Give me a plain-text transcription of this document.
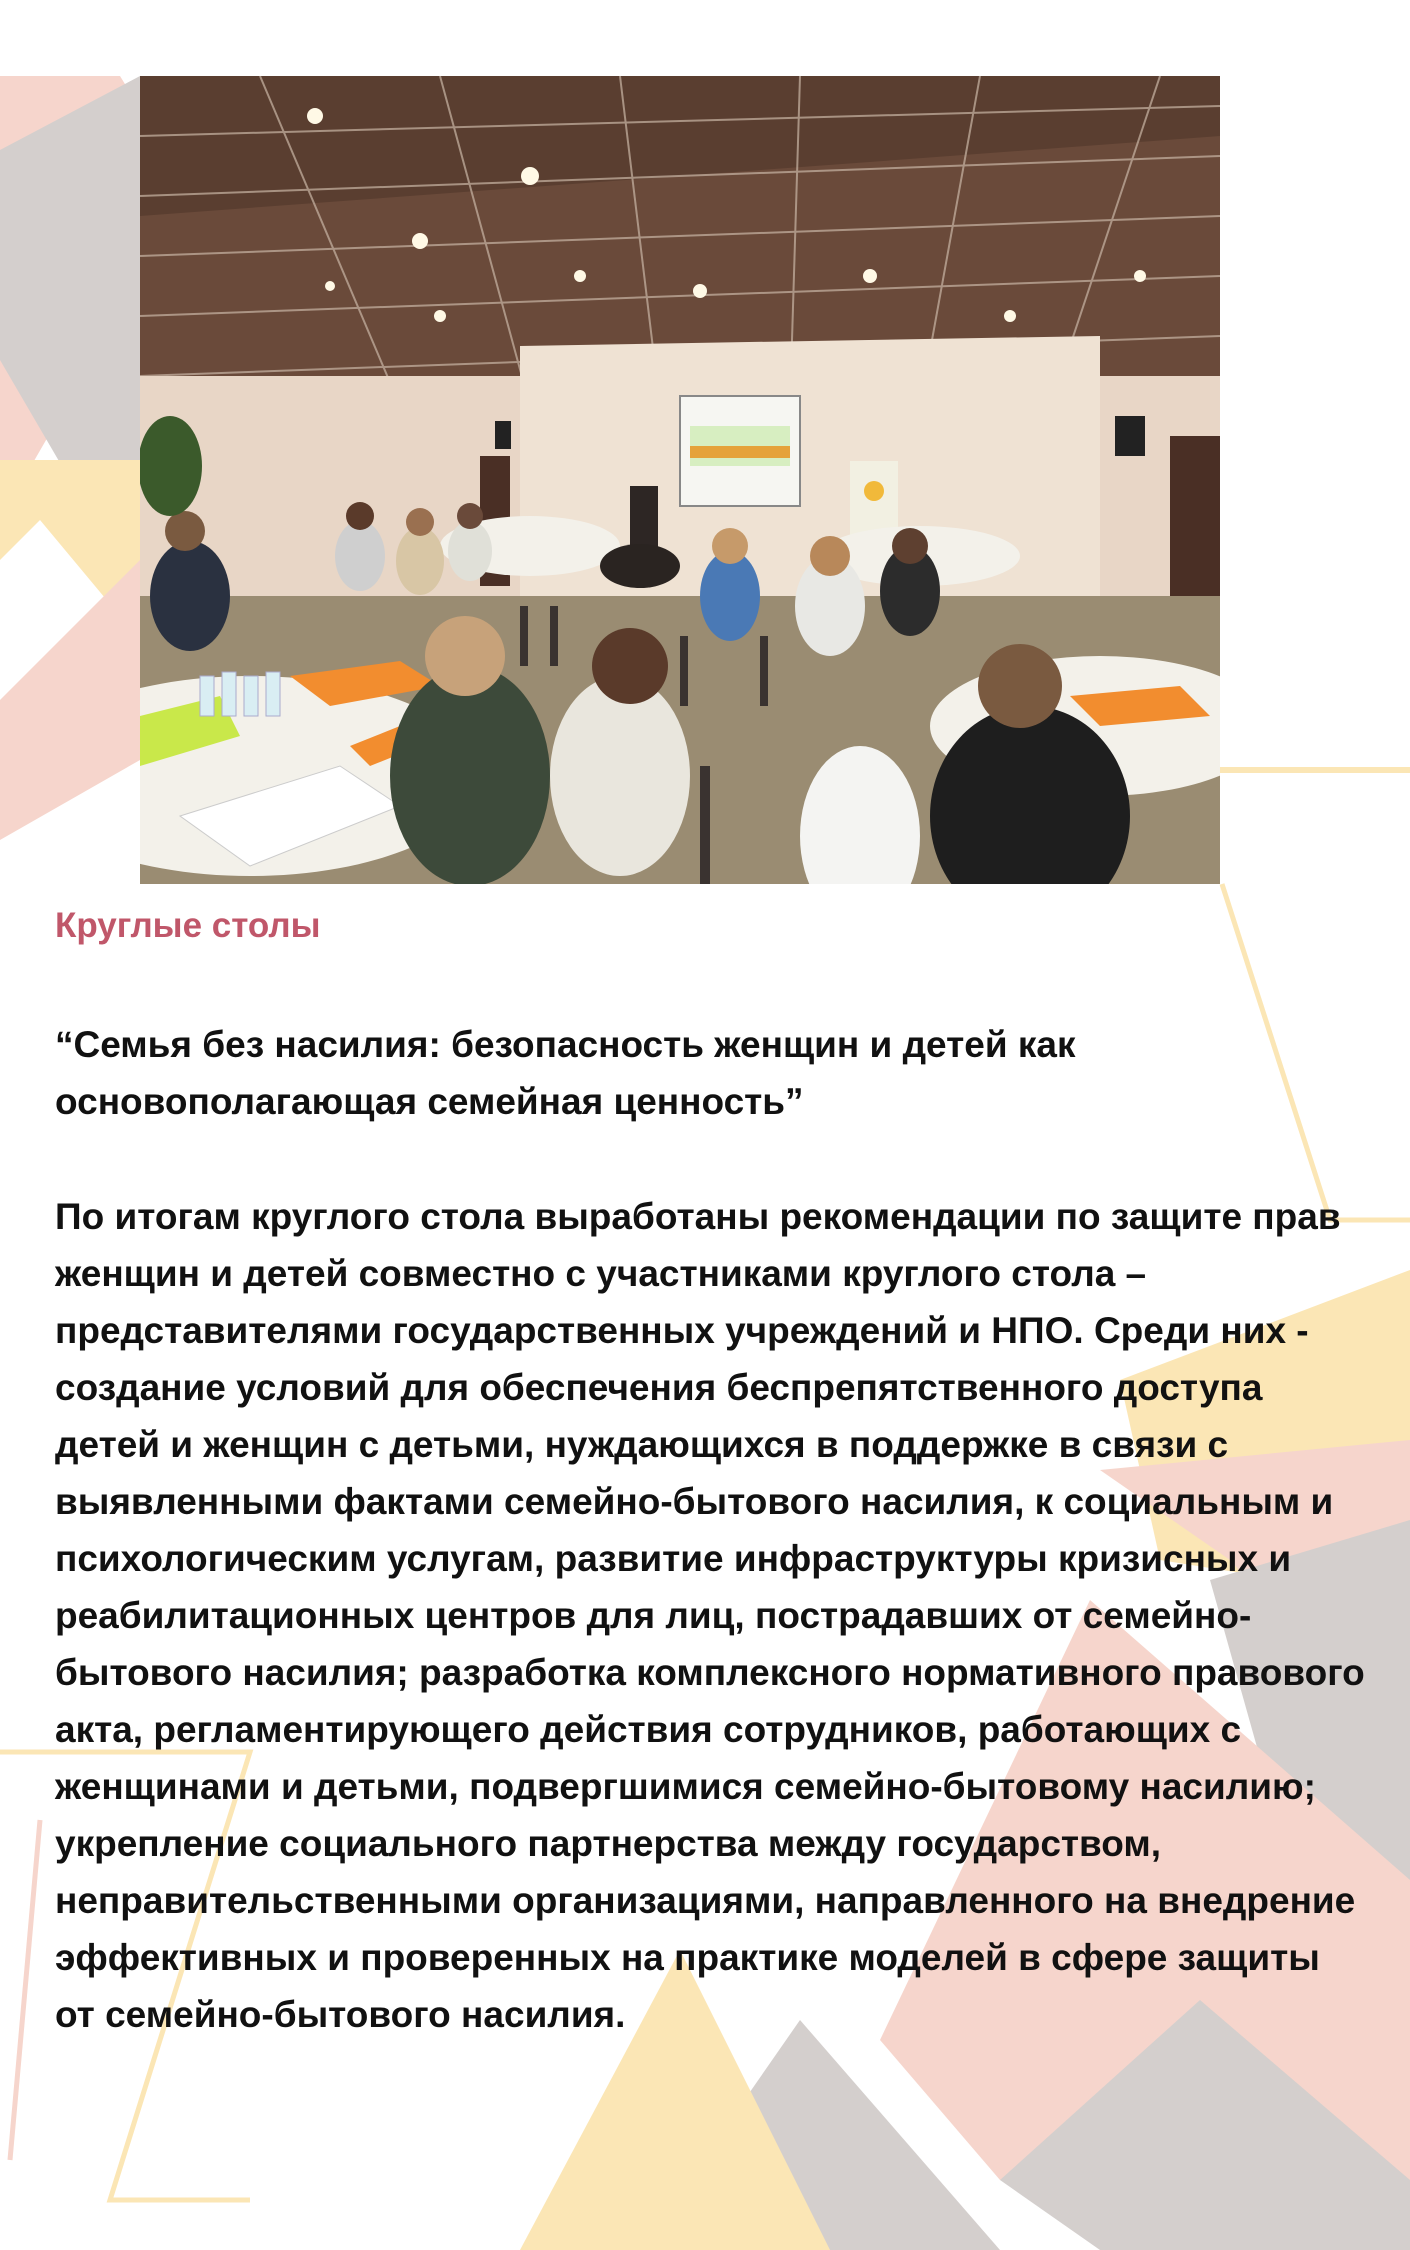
Круглые столы

“Семья без насилия: безопасность женщин и детей как основополагающая семейная ценность”

По итогам круглого стола выработаны рекомендации по защите прав женщин и детей совместно с участниками круглого стола – представителями государственных учреждений и НПО. Среди них - создание условий для обеспечения беспрепятственного доступа детей и женщин с детьми, нуждающихся в поддержке в связи с выявленными фактами семейно-бытового насилия, к социальным и психологическим услугам, развитие инфраструктуры кризисных и реабилитационных центров для лиц, пострадавших от семейно-бытового насилия; разработка комплексного нормативного правового акта, регламентирующего действия сотрудников, работающих с женщинами и детьми, подвергшимися семейно-бытовому насилию; укрепление социального партнерства между государством, неправительственными организациями, направленного на внедрение эффективных и проверенных на практике моделей в сфере защиты от семейно-бытового насилия.
